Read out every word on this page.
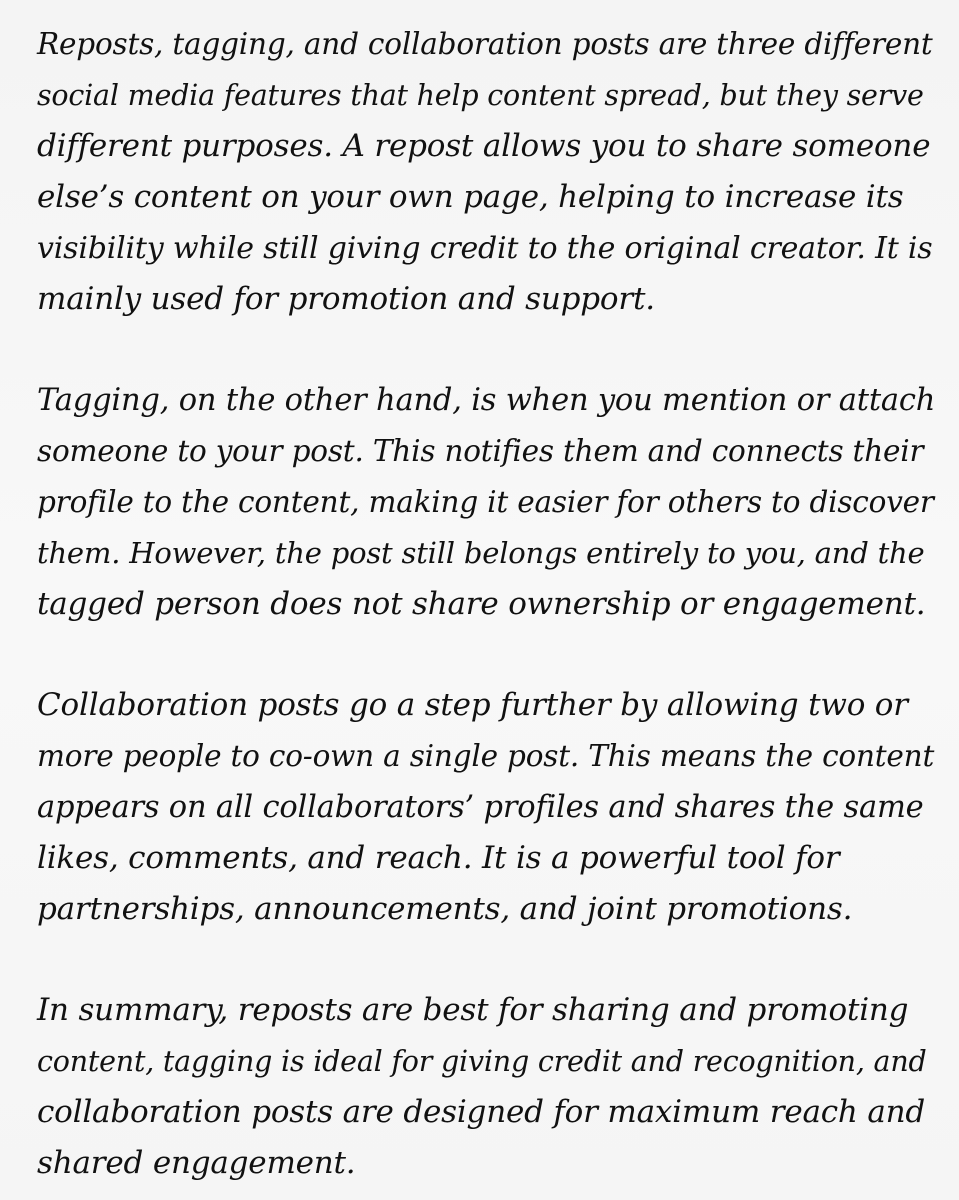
Reposts, tagging, and collaboration posts are three different
social media features that help content spread, but they serve
different purposes. A repost allows you to share someone
else’s content on your own page, helping to increase its
visibility while still giving credit to the original creator. It is
mainly used for promotion and support.
Tagging, on the other hand, is when you mention or attach
someone to your post. This notifies them and connects their
profile to the content, making it easier for others to discover
them. However, the post still belongs entirely to you, and the
tagged person does not share ownership or engagement.
Collaboration posts go a step further by allowing two or
more people to co-own a single post. This means the content
appears on all collaborators’ profiles and shares the same
likes, comments, and reach. It is a powerful tool for
partnerships, announcements, and joint promotions.
In summary, reposts are best for sharing and promoting
content, tagging is ideal for giving credit and recognition, and
collaboration posts are designed for maximum reach and
shared engagement.
